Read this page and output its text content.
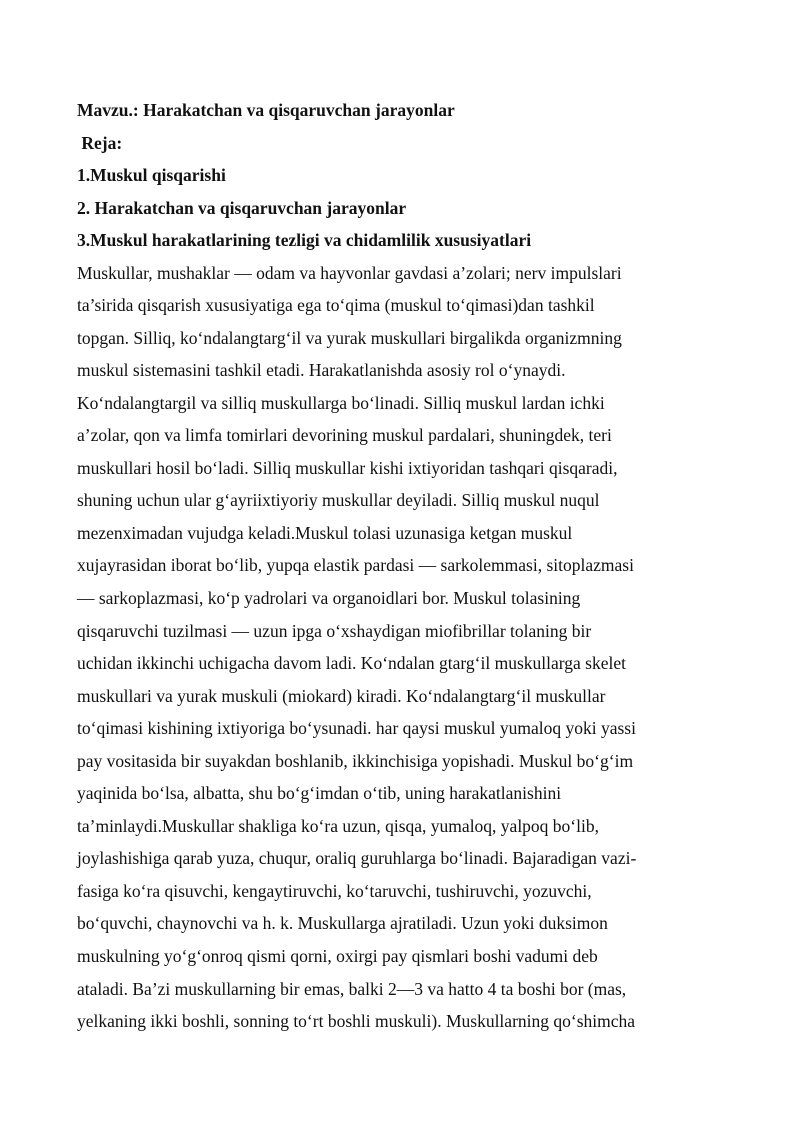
Mavzu.: Harakatchan va qisqaruvchan jarayonlar
Reja:
1.Muskul qisqarishi
2. Harakatchan va qisqaruvchan jarayonlar
3.Muskul harakatlarining tezligi va chidamlilik xususiyatlari
Muskullar, mushaklar — odam va hayvonlar gavdasi a’zolari; nerv impulslari
ta’sirida qisqarish xususiyatiga ega toʻqima (muskul toʻqimasi)dan tashkil
topgan. Silliq, koʻndalangtargʻil va yurak muskullari birgalikda organizmning
muskul sistemasini tashkil etadi. Harakatlanishda asosiy rol oʻynaydi.
Koʻndalangtargil va silliq muskullarga boʻlinadi. Silliq muskul lardan ichki
a’zolar, qon va limfa tomirlari devorining muskul pardalari, shuningdek, teri
muskullari hosil boʻladi. Silliq muskullar kishi ixtiyoridan tashqari qisqaradi,
shuning uchun ular gʻayriixtiyoriy muskullar deyiladi. Silliq muskul nuqul
mezenximadan vujudga keladi.Muskul tolasi uzunasiga ketgan muskul
xujayrasidan iborat boʻlib, yupqa elastik pardasi — sarkolemmasi, sitoplazmasi
— sarkoplazmasi, koʻp yadrolari va organoidlari bor. Muskul tolasining
qisqaruvchi tuzilmasi — uzun ipga oʻxshaydigan miofibrillar tolaning bir
uchidan ikkinchi uchigacha davom ladi. Koʻndalan gtargʻil muskullarga skelet
muskullari va yurak muskuli (miokard) kiradi. Koʻndalangtargʻil muskullar
toʻqimasi kishining ixtiyoriga boʻysunadi. har qaysi muskul yumaloq yoki yassi
pay vositasida bir suyakdan boshlanib, ikkinchisiga yopishadi. Muskul boʻgʻim
yaqinida boʻlsa, albatta, shu boʻgʻimdan oʻtib, uning harakatlanishini
ta’minlaydi.Muskullar shakliga koʻra uzun, qisqa, yumaloq, yalpoq boʻlib,
joylashishiga qarab yuza, chuqur, oraliq guruhlarga boʻlinadi. Bajaradigan vazi-
fasiga koʻra qisuvchi, kengaytiruvchi, koʻtaruvchi, tushiruvchi, yozuvchi,
boʻquvchi, chaynovchi va h. k. Muskullarga ajratiladi. Uzun yoki duksimon
muskulning yoʻgʻonroq qismi qorni, oxirgi pay qismlari boshi vadumi deb
ataladi. Ba’zi muskullarning bir emas, balki 2—3 va hatto 4 ta boshi bor (mas,
yelkaning ikki boshli, sonning toʻrt boshli muskuli). Muskullarning qoʻshimcha
